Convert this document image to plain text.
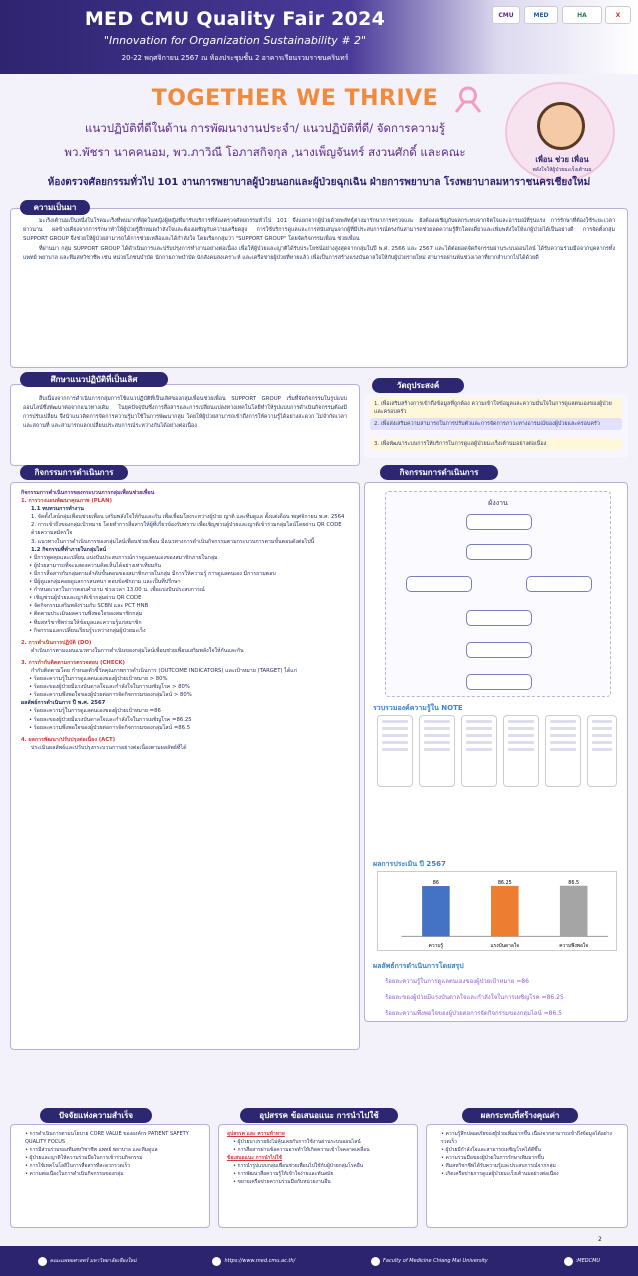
MED CMU Quality Fair 2024
"Innovation for Organization Sustainability # 2"
20-22 พฤศจิกายน 2567 ณ ห้องประชุมชั้น 2 อาคารเรียนรวมราชนครินทร์
CMU	MED	HA	X
TOGETHER WE THRIVE
แนวปฏิบัติที่ดีในด้าน การพัฒนางานประจำ/ แนวปฏิบัติที่ดี/ จัดการความรู้
พว.พัชรา นาคคนอม, พว.ภาวิณี โอภาสกิจกุล ,นางเพ็ญจันทร์ สงวนศักดิ์ และคณะ
เพื่อน ช่วย เพื่อน
พลังใจให้ผู้ป่วยมะเร็งเต้านม
ห้องตรวจศัลยกรรมทั่วไป 101 งานการพยาบาลผู้ป่วยนอกและผู้ป่วยฉุกเฉิน ฝ่ายการพยาบาล โรงพยาบาลมหาราชนครเชียงใหม่

มะเร็งเต้านมเป็นหนึ่งในโรคมะเร็งที่พบมากที่สุดในหญิงผู้หญิงที่มารับบริการที่ห้องตรวจศัลยกรรมทั่วไป 101 จึงแยกจากผู้ป่วยด้วยพลัทธุ์ต่างมารักษาการตรวจและ ยังต้องเผชิญกับผลกระทบจากจิตใจและอารมณ์ที่รุนแรง การรักษาที่ต้องใช้ระยะเวลายาวนาน ผลข้างเคียงจากการรักษาทำให้ผู้ป่วยรู้สึกหมดกำลังใจและต้องเผชิญกับความเครียดสูง การใช้บริการดูแลและการสนับสนุนจากผู้ที่มีประสบการณ์ตรงกันสามารถช่วยลดความรู้สึกโดดเดี่ยวและเพิ่มพลังใจให้แก่ผู้ป่วยได้เป็นอย่างดี การจัดตั้งกลุ่ม SUPPORT GROUP จึงช่วยให้ผู้ป่วยสามารถได้การช่วยเหลือและได้กำลังใจ โดยเรียกกลุ่มว่า "SUPPORT GROUP" โดยจัดกิจกรรมเพื่อน ช่วยเพื่อน

ที่ผ่านมา กลุ่ม SUPPORT GROUP ได้ดำเนินการและปรับปรุงการทำงานอย่างต่อเนื่อง เพื่อให้ผู้ป่วยและญาติได้รับประโยชน์อย่างสูงสุดจากกลุ่มในปี พ.ศ. 2566 และ 2567 และได้ต่อยอดจัดกิจกรรมผ่านระบบออนไลน์ ได้รับความร่วมมือจากบุคลากรทั้งแพทย์ พยาบาล และทีมสหวิชาชีพ เช่น หน่วยโภชนบำบัด นักกายภาพบำบัด นักสังคมสงเคราะห์ และเครือข่ายผู้ป่วยที่หายแล้ว เพื่อเป็นการสร้างแรงบันดาลใจให้กับผู้ป่วยรายใหม่ สามารถผ่านพ้นช่วงเวลาที่ยากลำบากไปได้ด้วยดี

ความเป็นมา

สืบเนื่องจากการดำเนินการกลุ่มการใช้แนวปฏิบัติที่เป็นเลิศของกลุ่มเพื่อนช่วยเพื่อน SUPPORT GROUP เริ่มที่จัดกิจกรรมในรูปแบบออนไลน์ซึ่งพัฒนาต่อจากแนวทางเดิม ในยุคปัจจุบันซึ่งการสื่อสารและการเปลี่ยนแปลงทางเทคโนโลยีทำให้รูปแบบการดำเนินกิจกรรมต้องมีการปรับเปลี่ยน จึงนำแนวคิดการจัดการความรู้มาใช้ในการพัฒนากลุ่ม โดยให้ผู้ป่วยสามารถเข้าถึงการให้ความรู้ได้อย่างสะดวก ไม่จำกัดเวลาและสถานที่ และสามารถแลกเปลี่ยนประสบการณ์ระหว่างกันได้อย่างต่อเนื่อง

ศึกษาแนวปฏิบัติที่เป็นเลิศ
1. เพื่อเสริมสร้างการเข้าถึงข้อมูลที่ถูกต้อง ความเข้าใจข้อมูลและความมั่นใจในการดูแลตนเองของผู้ป่วยและครอบครัว
2. เพื่อส่งเสริมความสามารถในการปรับตัวและการจัดการภาวะทางอารมณ์ของผู้ป่วยและครอบครัว
3. เพื่อพัฒนาระบบการให้บริการในการดูแลผู้ป่วยมะเร็งเต้านมอย่างต่อเนื่อง
วัตถุประสงค์
กิจกรรมการดำเนินการของกระบวนการกลุ่มเพื่อนช่วยเพื่อน
1. การวางแผนพัฒนาคุณภาพ (PLAN)
1.1 ทบทวนการทำงาน
1. จัดตั้งไลน์กลุ่มเพื่อนช่วยเพื่อน เสริมพลังใจให้กันและกัน เพื่อเชื่อมโยงระหว่างผู้ป่วย ญาติ และทีมดูแล ตั้งแต่เดือน พฤศจิกายน พ.ศ. 2564
2. การเข้าถึงของกลุ่มเป้าหมาย โดยทำการสื่อสารให้ผู้ที่เกี่ยวข้องรับทราบ เพื่อเชิญชวนผู้ป่วยและญาติเข้าร่วมกลุ่มไลน์โดยผ่าน QR CODE ด้วยความสมัครใจ
3. แนวทางในการดำเนินการของกลุ่มไลน์เพื่อนช่วยเพื่อน มีแนวทางการดำเนินกิจกรรมตามกระบวนการตามขั้นตอนดังต่อไปนี้
1.2 กิจกรรมที่ทำภายในกลุ่มไลน์
• มีการพูดคุยและเปลี่ยน แบ่งปันประสบการณ์การดูแลตนเองของสมาชิกภายในกลุ่ม
• ผู้ป่วยสามารถที่จะแสดงความคิดเห็นได้อย่างเท่าเทียมกัน
• มีการสื่อสารกับกลุ่มตามลำดับขั้นตอนของสมาชิกภายในกลุ่ม มีการให้ความรู้ การดูแลตนเอง มีการถามตอบ
• มีผู้ดูแลกลุ่มคอยดูแลการสนทนา ตอบข้อซักถาม และเป็นที่ปรึกษา
• กำหนดเวลาในการตอบคำถาม ช่วงเวลา 13.00 น. เพื่อแบ่งปันประสบการณ์
• เชิญชวนผู้ป่วยและญาติเข้ากลุ่มผ่าน QR CODE
• จัดกิจกรรมเสริมพลังร่วมกับ SCBN และ PCT HNB
• ติดตามประเมินผลความพึงพอใจของสมาชิกกลุ่ม
• ทีมสหวิชาชีพร่วมให้ข้อมูลและความรู้แก่สมาชิก
• กิจกรรมแลกเปลี่ยนเรียนรู้ระหว่างกลุ่มผู้ป่วยมะเร็ง
2. การดำเนินการปฏิบัติ (DO)
ดำเนินการตามแผนแนวทางในการดำเนินของกลุ่มไลน์เพื่อนช่วยเพื่อนเสริมพลังใจให้กันและกัน
3. การกำกับติดตามการตรวจสอบ (CHECK)
กำกับติดตามโดย กำหนดตัวชี้วัดคุณภาพการดำเนินการ (OUTCOME INDICATORS) และเป้าหมาย (TARGET) ได้แก่
• ร้อยละความรู้ในการดูแลตนเองของผู้ป่วยเป้าหมาย > 80%
• ร้อยละของผู้ป่วยมีแรงบันดาลใจและกำลังใจในการเผชิญโรค > 80%
• ร้อยละความพึงพอใจของผู้ป่วยต่อการจัดกิจกรรมของกลุ่มไลน์ > 80%
ผลลัพธ์การดำเนินการ ปี พ.ศ. 2567
• ร้อยละความรู้ในการดูแลตนเองของผู้ป่วยเป้าหมาย =86
• ร้อยละของผู้ป่วยมีแรงบันดาลใจและกำลังใจในการเผชิญโรค =86.25
• ร้อยละความพึงพอใจของผู้ป่วยต่อการจัดกิจกรรมของกลุ่มไลน์ =86.5
4. ผลการพัฒนา/ปรับปรุงต่อเนื่อง (ACT)
ประเมินผลลัพธ์และปรับปรุงกระบวนการอย่างต่อเนื่องตามผลลัพธ์ที่ได้
กิจกรรมการดำเนินการ
ผังงาน
รวบรวมองค์ความรู้ใน NOTE
ผลการประเมิน ปี 2567
ความรู้
86
แรงบันดาลใจ
86.25
ความพึงพอใจ
86.5
ผลลัพธ์การดำเนินการโดยสรุป
ร้อยละความรู้ในการดูแลตนเองของผู้ป่วยเป้าหมาย =86
ร้อยละของผู้ป่วยมีแรงบันดาลใจและกำลังใจในการเผชิญโรค =86.25
ร้อยละความพึงพอใจของผู้ป่วยต่อการจัดกิจกรรมของกลุ่มไลน์ =86.5
กิจกรรมการดำเนินการ
ปัจจัยแห่งความสำเร็จ	อุปสรรค ข้อเสนอแนะ การนำไปใช้	ผลกระทบที่สร้างคุณค่า
• การดำเนินการตามนโยบาย CORE VALUE ขององค์กร PATIENT SAFETY QUALITY FOCUS
• การมีส่วนร่วมของทีมสหวิชาชีพ แพทย์ พยาบาล และทีมดูแล
• ผู้ป่วยและญาติให้ความร่วมมือในการเข้าร่วมกิจกรรม
• การใช้เทคโนโลยีในการสื่อสารที่สะดวกรวดเร็ว
• ความต่อเนื่องในการดำเนินกิจกรรมของกลุ่ม
อุปสรรค และ ความท้าทาย
• ผู้ป่วยบางรายยังไม่คุ้นเคยกับการใช้งานผ่านระบบออนไลน์
• การสื่อสารผ่านข้อความอาจทำให้เกิดความเข้าใจคลาดเคลื่อน
ข้อเสนอแนะ การนำไปใช้
• การนำรูปแบบกลุ่มเพื่อนช่วยเพื่อนไปใช้กับผู้ป่วยกลุ่มโรคอื่น
• การพัฒนาสื่อความรู้ให้เข้าใจง่ายและทันสมัย
• ขยายเครือข่ายความร่วมมือกับหน่วยงานอื่น
• ความรู้สึกปลอดภัยของผู้ป่วยเพิ่มมากขึ้น เนื่องจากสามารถเข้าถึงข้อมูลได้อย่างรวดเร็ว
• ผู้ป่วยมีกำลังใจและสามารถเผชิญโรคได้ดีขึ้น
• ความร่วมมือของผู้ป่วยในการรักษาเพิ่มมากขึ้น
• ทีมสหวิชาชีพได้รับความรู้และประสบการณ์จากกลุ่ม
• เกิดเครือข่ายการดูแลผู้ป่วยมะเร็งเต้านมอย่างต่อเนื่อง
2
คณะแพทยศาสตร์ มหาวิทยาลัยเชียงใหม่	https://www.med.cmu.ac.th/	Faculty of Medicine Chiang Mai University	:MEDCMU
